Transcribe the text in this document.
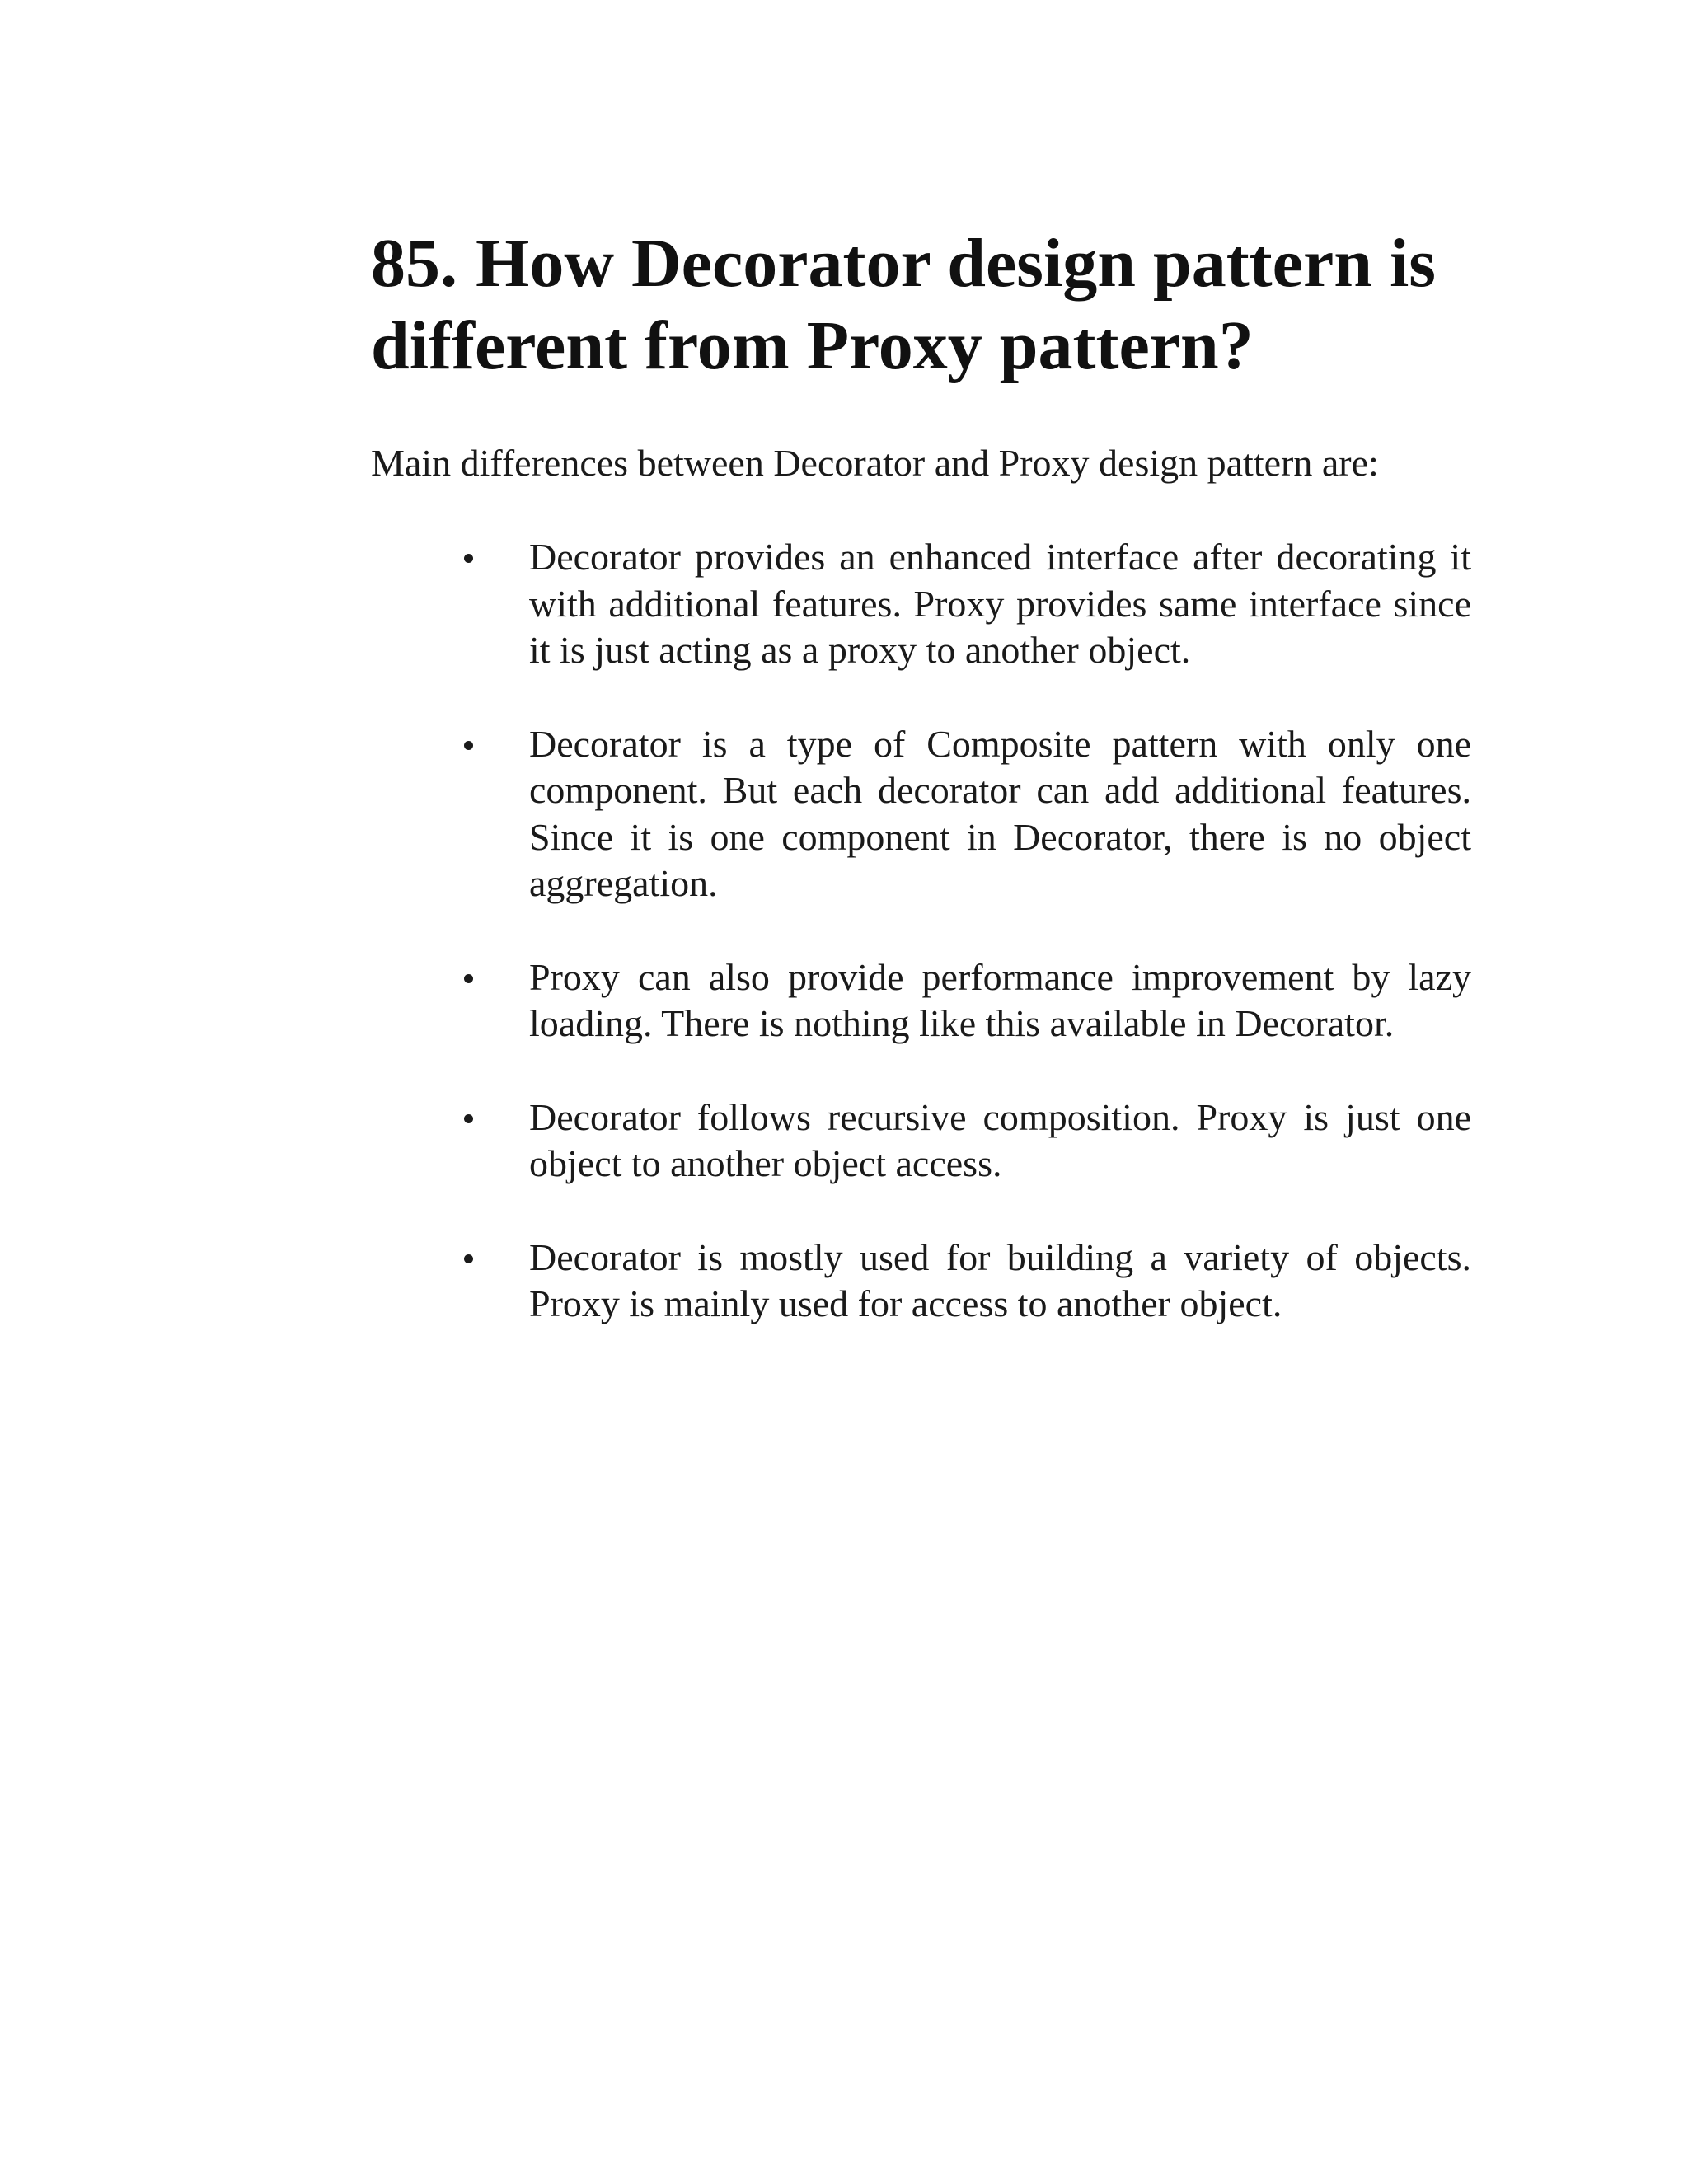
85. How Decorator design pattern is
different from Proxy pattern?

Main differences between Decorator and Proxy design pattern are:

Decorator provides an enhanced interface after decorating it with additional features. Proxy provides same interface since it is just acting as a proxy to another object.
Decorator is a type of Composite pattern with only one component. But each decorator can add additional features. Since it is one component in Decorator, there is no object aggregation.
Proxy can also provide performance improvement by lazy loading. There is nothing like this available in Decorator.
Decorator follows recursive composition. Proxy is just one object to another object access.
Decorator is mostly used for building a variety of objects. Proxy is mainly used for access to another object.
